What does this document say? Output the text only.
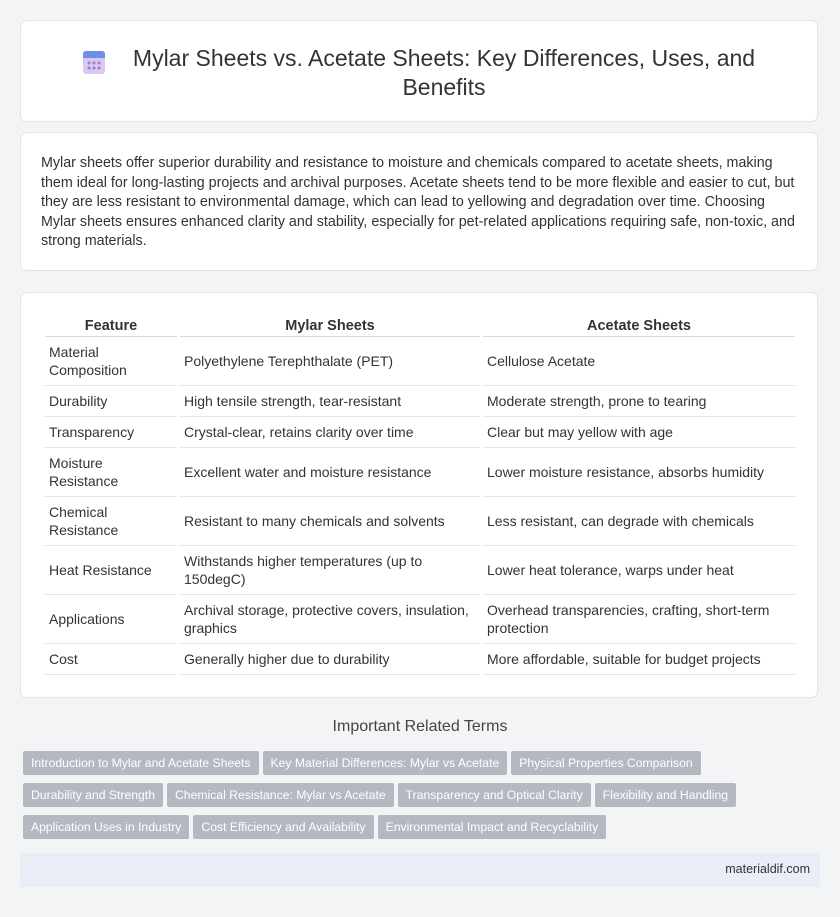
Mylar Sheets vs. Acetate Sheets: Key Differences, Uses, and Benefits

Mylar sheets offer superior durability and resistance to moisture and chemicals compared to acetate sheets, making them ideal for long-lasting projects and archival purposes. Acetate sheets tend to be more flexible and easier to cut, but they are less resistant to environmental damage, which can lead to yellowing and degradation over time. Choosing Mylar sheets ensures enhanced clarity and stability, especially for pet-related applications requiring safe, non-toxic, and strong materials.

Feature	Mylar Sheets	Acetate Sheets
Material Composition	Polyethylene Terephthalate (PET)	Cellulose Acetate
Durability	High tensile strength, tear-resistant	Moderate strength, prone to tearing
Transparency	Crystal-clear, retains clarity over time	Clear but may yellow with age
Moisture Resistance	Excellent water and moisture resistance	Lower moisture resistance, absorbs humidity
Chemical Resistance	Resistant to many chemicals and solvents	Less resistant, can degrade with chemicals
Heat Resistance	Withstands higher temperatures (up to 150degC)	Lower heat tolerance, warps under heat
Applications	Archival storage, protective covers, insulation, graphics	Overhead transparencies, crafting, short-term protection
Cost	Generally higher due to durability	More affordable, suitable for budget projects
Important Related Terms
Introduction to Mylar and Acetate Sheets Key Material Differences: Mylar vs Acetate Physical Properties Comparison
Durability and Strength Chemical Resistance: Mylar vs Acetate Transparency and Optical Clarity Flexibility and Handling
Application Uses in Industry Cost Efficiency and Availability Environmental Impact and Recyclability
materialdif.com
